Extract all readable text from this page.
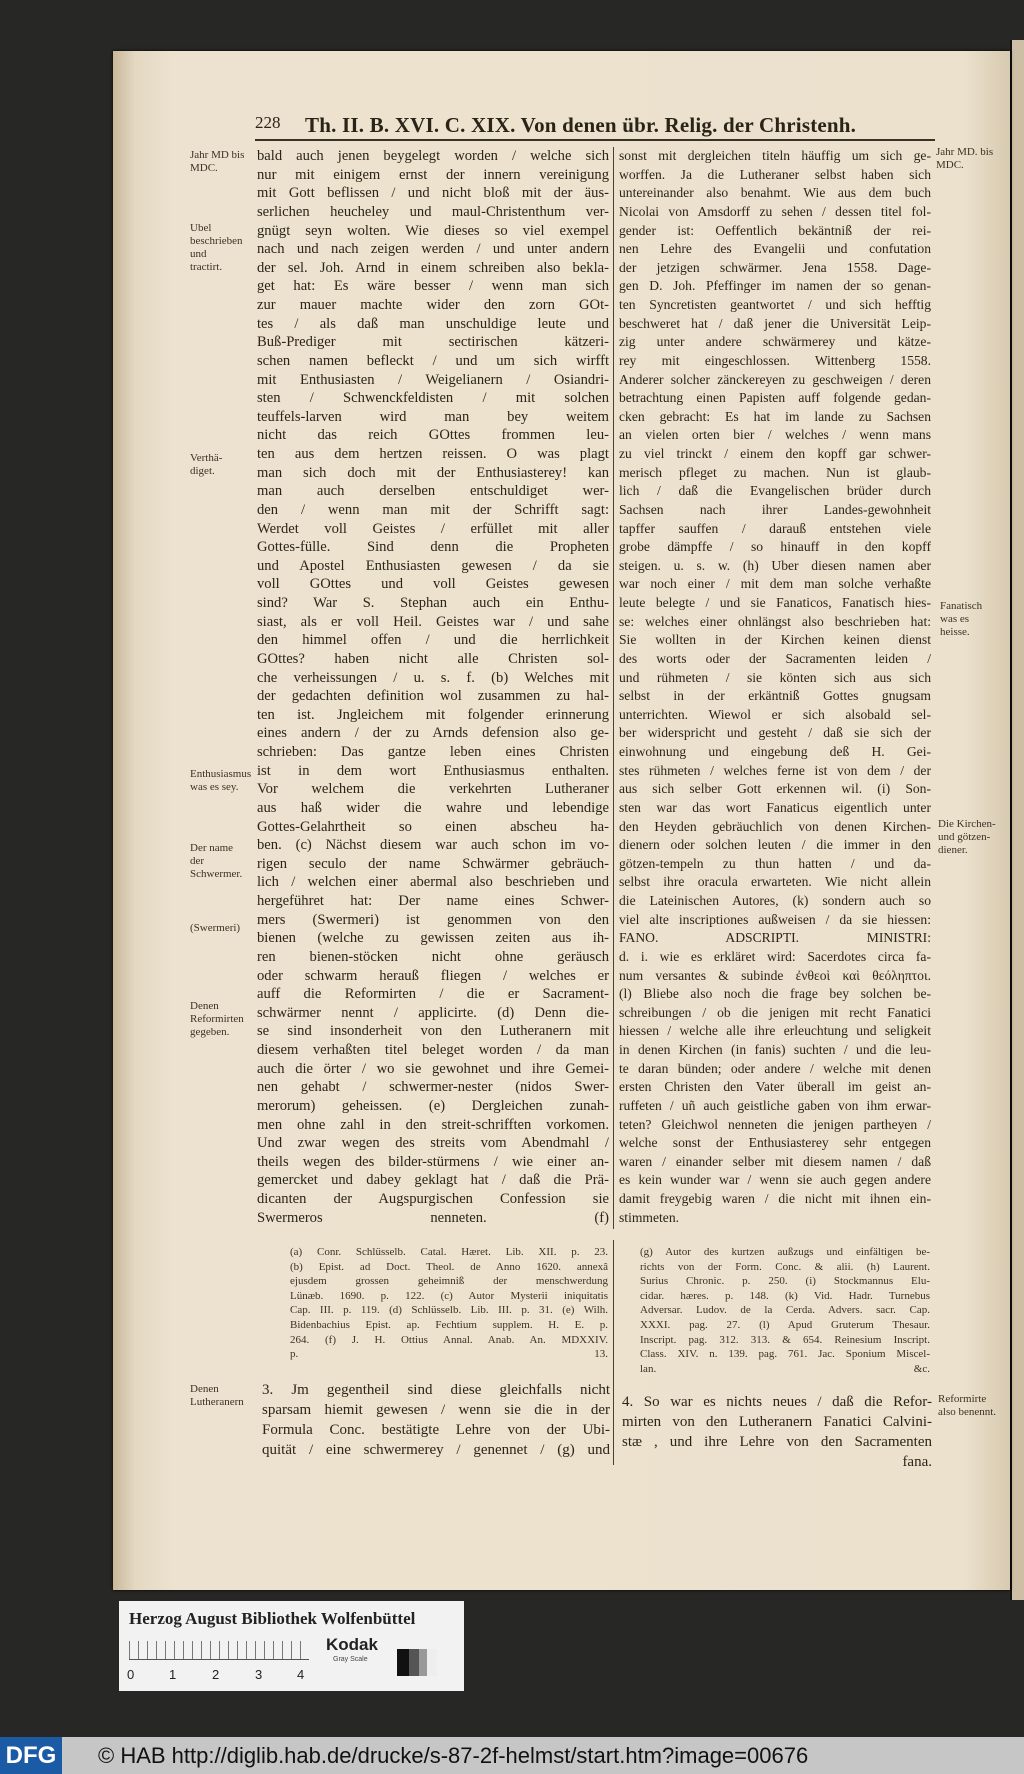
228 Th. II. B. XVI. C. XIX. Von denen übr. Relig. der Christenh.
bald auch jenen beygelegt worden / welche sich
nur mit einigem ernst der innern vereinigung
mit Gott beflissen / und nicht bloß mit der äus-
serlichen heucheley und maul-Christenthum ver-
gnügt seyn wolten. Wie dieses so viel exempel
nach und nach zeigen werden / und unter andern
der sel. Joh. Arnd in einem schreiben also bekla-
get hat: Es wäre besser / wenn man sich
zur mauer machte wider den zorn GOt-
tes / als daß man unschuldige leute und
Buß-Prediger mit sectirischen kätzeri-
schen namen befleckt / und um sich wirfft
mit Enthusiasten / Weigelianern / Osiandri-
sten / Schwenckfeldisten / mit solchen
teuffels-larven wird man bey weitem
nicht das reich GOttes frommen leu-
ten aus dem hertzen reissen. O was plagt
man sich doch mit der Enthusiasterey! kan
man auch derselben entschuldiget wer-
den / wenn man mit der Schrifft sagt:
Werdet voll Geistes / erfüllet mit aller
Gottes-fülle. Sind denn die Propheten
und Apostel Enthusiasten gewesen / da sie
voll GOttes und voll Geistes gewesen
sind? War S. Stephan auch ein Enthu-
siast, als er voll Heil. Geistes war / und sahe
den himmel offen / und die herrlichkeit
GOttes? haben nicht alle Christen sol-
che verheissungen / u. s. f. (b) Welches mit
der gedachten definition wol zusammen zu hal-
ten ist. Jngleichem mit folgender erinnerung
eines andern / der zu Arnds defension also ge-
schrieben: Das gantze leben eines Christen
ist in dem wort Enthusiasmus enthalten.
Vor welchem die verkehrten Lutheraner
aus haß wider die wahre und lebendige
Gottes-Gelahrtheit so einen abscheu ha-
ben. (c) Nächst diesem war auch schon im vo-
rigen seculo der name Schwärmer gebräuch-
lich / welchen einer abermal also beschrieben und
hergeführet hat: Der name eines Schwer-
mers (Swermeri) ist genommen von den
bienen (welche zu gewissen zeiten aus ih-
ren bienen-stöcken nicht ohne geräusch
oder schwarm herauß fliegen / welches er
auff die Reformirten / die er Sacrament-
schwärmer nennt / applicirte. (d) Denn die-
se sind insonderheit von den Lutheranern mit
diesem verhaßten titel beleget worden / da man
auch die örter / wo sie gewohnet und ihre Gemei-
nen gehabt / schwermer-nester (nidos Swer-
merorum) geheissen. (e) Dergleichen zunah-
men ohne zahl in den streit-schrifften vorkomen.
Und zwar wegen des streits vom Abendmahl /
theils wegen des bilder-stürmens / wie einer an-
gemercket und dabey geklagt hat / daß die Prä-
dicanten der Augspurgischen Confession sie
Swermeros nenneten. (f)
sonst mit dergleichen titeln häuffig um sich ge-
worffen. Ja die Lutheraner selbst haben sich
untereinander also benahmt. Wie aus dem buch
Nicolai von Amsdorff zu sehen / dessen titel fol-
gender ist: Oeffentlich bekäntniß der rei-
nen Lehre des Evangelii und confutation
der jetzigen schwärmer. Jena 1558. Dage-
gen D. Joh. Pfeffinger im namen der so genan-
ten Syncretisten geantwortet / und sich hefftig
beschweret hat / daß jener die Universität Leip-
zig unter andere schwärmerey und kätze-
rey mit eingeschlossen. Wittenberg 1558.
Anderer solcher zänckereyen zu geschweigen / deren
betrachtung einen Papisten auff folgende gedan-
cken gebracht: Es hat im lande zu Sachsen
an vielen orten bier / welches / wenn mans
zu viel trinckt / einem den kopff gar schwer-
merisch pfleget zu machen. Nun ist glaub-
lich / daß die Evangelischen brüder durch
Sachsen nach ihrer Landes-gewohnheit
tapffer sauffen / darauß entstehen viele
grobe dämpffe / so hinauff in den kopff
steigen. u. s. w. (h) Uber diesen namen aber
war noch einer / mit dem man solche verhaßte
leute belegte / und sie Fanaticos, Fanatisch hies-
se: welches einer ohnlängst also beschrieben hat:
Sie wollten in der Kirchen keinen dienst
des worts oder der Sacramenten leiden /
und rühmeten / sie könten sich aus sich
selbst in der erkäntniß Gottes gnugsam
unterrichten. Wiewol er sich alsobald sel-
ber widerspricht und gesteht / daß sie sich der
einwohnung und eingebung deß H. Gei-
stes rühmeten / welches ferne ist von dem / der
aus sich selber Gott erkennen wil. (i) Son-
sten war das wort Fanaticus eigentlich unter
den Heyden gebräuchlich von denen Kirchen-
dienern oder solchen leuten / die immer in den
götzen-tempeln zu thun hatten / und da-
selbst ihre oracula erwarteten. Wie nicht allein
die Lateinischen Autores, (k) sondern auch so
viel alte inscriptiones außweisen / da sie hiessen:
FANO. ADSCRIPTI. MINISTRI:
d. i. wie es erkläret wird: Sacerdotes circa fa-
num versantes & subinde ἐνθεοὶ καὶ θεόληπτοι.
(l) Bliebe also noch die frage bey solchen be-
schreibungen / ob die jenigen mit recht Fanatici
hiessen / welche alle ihre erleuchtung und seligkeit
in denen Kirchen (in fanis) suchten / und die leu-
te daran bünden; oder andere / welche mit denen
ersten Christen den Vater überall im geist an-
ruffeten / uñ auch geistliche gaben von ihm erwar-
teten? Gleichwol nenneten die jenigen partheyen /
welche sonst der Enthusiasterey sehr entgegen
waren / einander selber mit diesem namen / daß
es kein wunder war / wenn sie auch gegen andere
damit freygebig waren / die nicht mit ihnen ein-
stimmeten.
Jahr MD bis MDC.
Ubel beschrieben und tractirt.
Verthä-diget.
Enthusiasmus was es sey.
Der name der Schwermer.
(Swermeri)
Denen Reformirten gegeben.
Denen Lutheranern
Jahr MD. bis MDC.
Fanatisch was es heisse.
Die Kirchen- und götzen-diener.
Reformirte also benennt.
(a) Conr. Schlüsselb. Catal. Hæret. Lib. XII. p. 23.
(b) Epist. ad Doct. Theol. de Anno 1620. annexâ
ejusdem grossen geheimniß der menschwerdung
Lünæb. 1690. p. 122. (c) Autor Mysterii iniquitatis
Cap. III. p. 119. (d) Schlüsselb. Lib. III. p. 31. (e) Wilh.
Bidenbachius Epist. ap. Fechtium supplem. H. E. p.
264. (f) J. H. Ottius Annal. Anab. An. MDXXIV.
p. 13.
(g) Autor des kurtzen außzugs und einfältigen be-
richts von der Form. Conc. & alii. (h) Laurent.
Surius Chronic. p. 250. (i) Stockmannus Elu-
cidar. hæres. p. 148. (k) Vid. Hadr. Turnebus
Adversar. Ludov. de la Cerda. Advers. sacr. Cap.
XXXI. pag. 27. (l) Apud Gruterum Thesaur.
Inscript. pag. 312. 313. & 654. Reinesium Inscript.
Class. XIV. n. 139. pag. 761. Jac. Sponium Miscel-
lan. &c.
3. Jm gegentheil sind diese gleichfalls nicht
sparsam hiemit gewesen / wenn sie die in der
Formula Conc. bestätigte Lehre von der Ubi-
quität / eine schwermerey / genennet / (g) und
4. So war es nichts neues / daß die Refor-
mirten von den Lutheranern Fanatici Calvini-
stæ , und ihre Lehre von den Sacramenten
fana.
Herzog August Bibliothek Wolfenbüttel
0	1	2	3	4
Kodak
Gray Scale
DFG © HAB http://diglib.hab.de/drucke/s-87-2f-helmst/start.htm?image=00676
